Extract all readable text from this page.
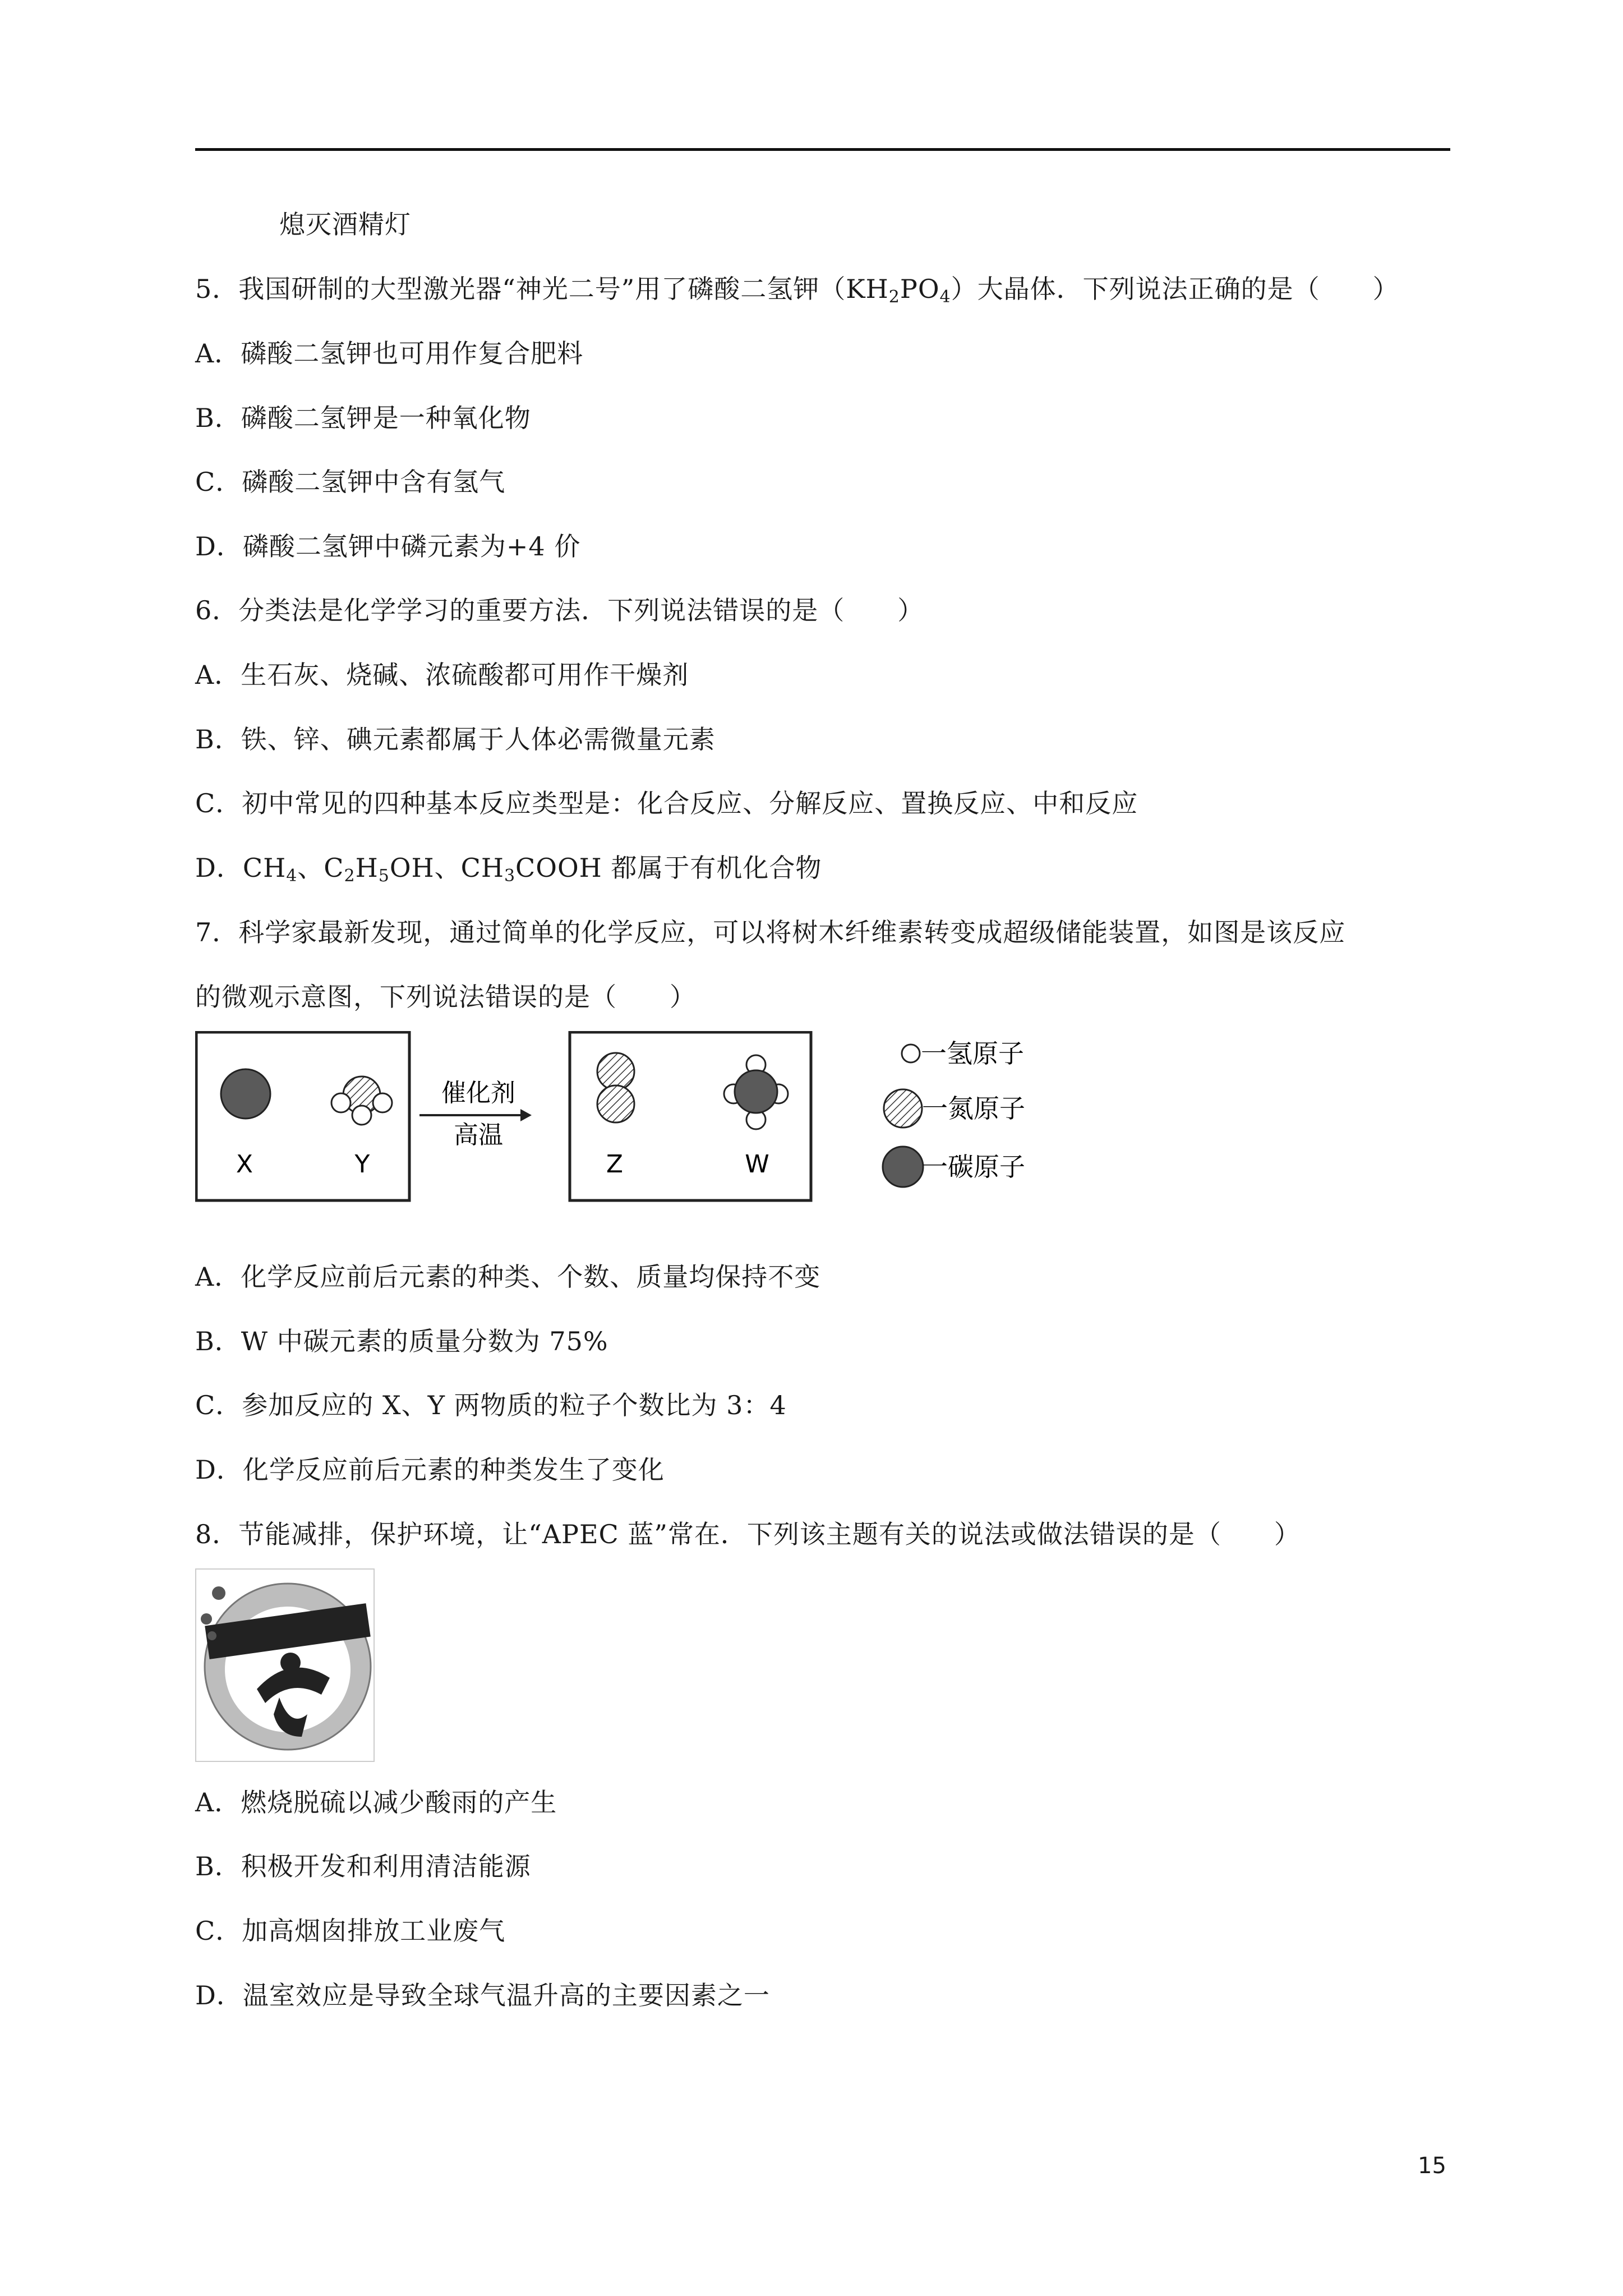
熄灭酒精灯
5．我国研制的大型激光器“神光二号”用了磷酸二氢钾$(KH_2PO_4)$大晶体．下列说法正确的是（　　）
A．磷酸二氢钾也可用作复合肥料
B．磷酸二氢钾是一种氧化物
C．磷酸二氢钾中含有氢气
D．磷酸二氢钾中磷元素为+4 价
6．分类法是化学学习的重要方法．下列说法错误的是（　　）
A．生石灰、烧碱、浓硫酸都可用作干燥剂
B．铁、锌、碘元素都属于人体必需微量元素
C．初中常见的四种基本反应类型是：化合反应、分解反应、置换反应、中和反应
D．$CH_4$、$C_2H_5OH$、$CH_3COOH$ 都属于有机化合物
7．科学家最新发现，通过简单的化学反应，可以将树木纤维素转变成超级储能装置，如图是该反应
的微观示意图，下列说法错误的是（　　）
X	Y
催化剂
高温
Z	W
一氢原子
一氮原子
一碳原子
A．化学反应前后元素的种类、个数、质量均保持不变
B．W 中碳元素的质量分数为 75%
C．参加反应的 X、Y 两物质的粒子个数比为 3：4
D．化学反应前后元素的种类发生了变化
8．节能减排，保护环境，让“APEC 蓝”常在．下列该主题有关的说法或做法错误的是（　　）
A．燃烧脱硫以减少酸雨的产生
B．积极开发和利用清洁能源
C．加高烟囱排放工业废气
D．温室效应是导致全球气温升高的主要因素之一
15
